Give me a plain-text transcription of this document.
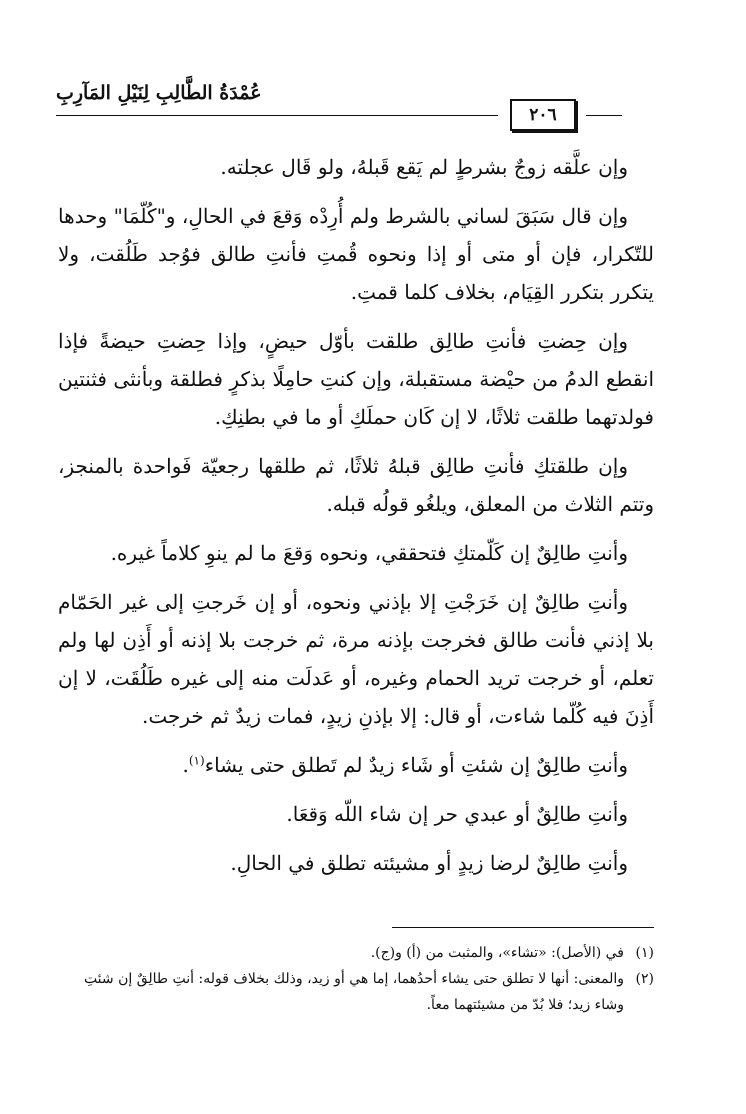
عُمْدَةُ الطَّالِبِ لِنَيْلِ المَآرِبِ
٢٠٦

وإن علَّقه زوجٌ بشرطٍ لم يَقع قَبلهُ، ولو قَال عجلته.

وإن قال سَبَقَ لساني بالشرط ولم أُرِدْه وَقعَ في الحالِ، و"كُلّمَا" وحدها للتّكرار، فإن أو متى أو إذا ونحوه قُمتِ فأنتِ طالق فوُجد طَلُقت، ولا يتكرر بتكرر القِيَام، بخلاف كلما قمتِ.

وإن حِضتِ فأنتِ طالِق طلقت بأوّل حيضٍ، وإذا حِضتِ حيضةً فإذا انقطع الدمُ من حيْضة مستقبلة، وإن كنتِ حامِلًا بذكرٍ فطلقة وبأنثى فثنتين فولدتهما طلقت ثلاثًا، لا إن كَان حملَكِ أو ما في بطنِكِ.

وإن طلقتكِ فأنتِ طالِق قبلهُ ثلاثًا، ثم طلقها رجعيّة فَواحدة بالمنجز، وتتم الثلاث من المعلق، ويلغُو قولُه قبله.

وأنتِ طالِقٌ إن كَلّمتكِ فتحققي، ونحوه وَقعَ ما لم ينوِ كلاماً غيره.

وأنتِ طالِقٌ إن خَرَجْتِ إلا بإذني ونحوه، أو إن خَرجتِ إلى غير الحَمّام بلا إذني فأنت طالق فخرجت بإذنه مرة، ثم خرجت بلا إذنه أو أَذِن لها ولم تعلم، أو خرجت تريد الحمام وغيره، أو عَدلَت منه إلى غيره طَلُقَت، لا إن أَذِنَ فيه كُلّما شاءت، أو قال: إلا بإذنِ زيدٍ، فمات زيدٌ ثم خرجت.

وأنتِ طالِقٌ إن شئتِ أو شَاء زيدٌ لم تَطلق حتى يشاء$^{(١)}$.

وأنتِ طالِقٌ أو عبدي حر إن شاء اللّه وَقعَا.

وأنتِ طالِقٌ لرضا زيدٍ أو مشيئته تطلق في الحالِ.

(١)
في (الأصل): «تشاء»، والمثبت من (أ) و(ج).
(٢)
والمعنى: أنها لا تطلق حتى يشاء أحدُهما، إما هي أو زيد، وذلك بخلاف قوله: أنتِ طالِقٌ إن شئتِ وشاء زيد؛ فلا بُدّ من مشيئتهما معاً.
